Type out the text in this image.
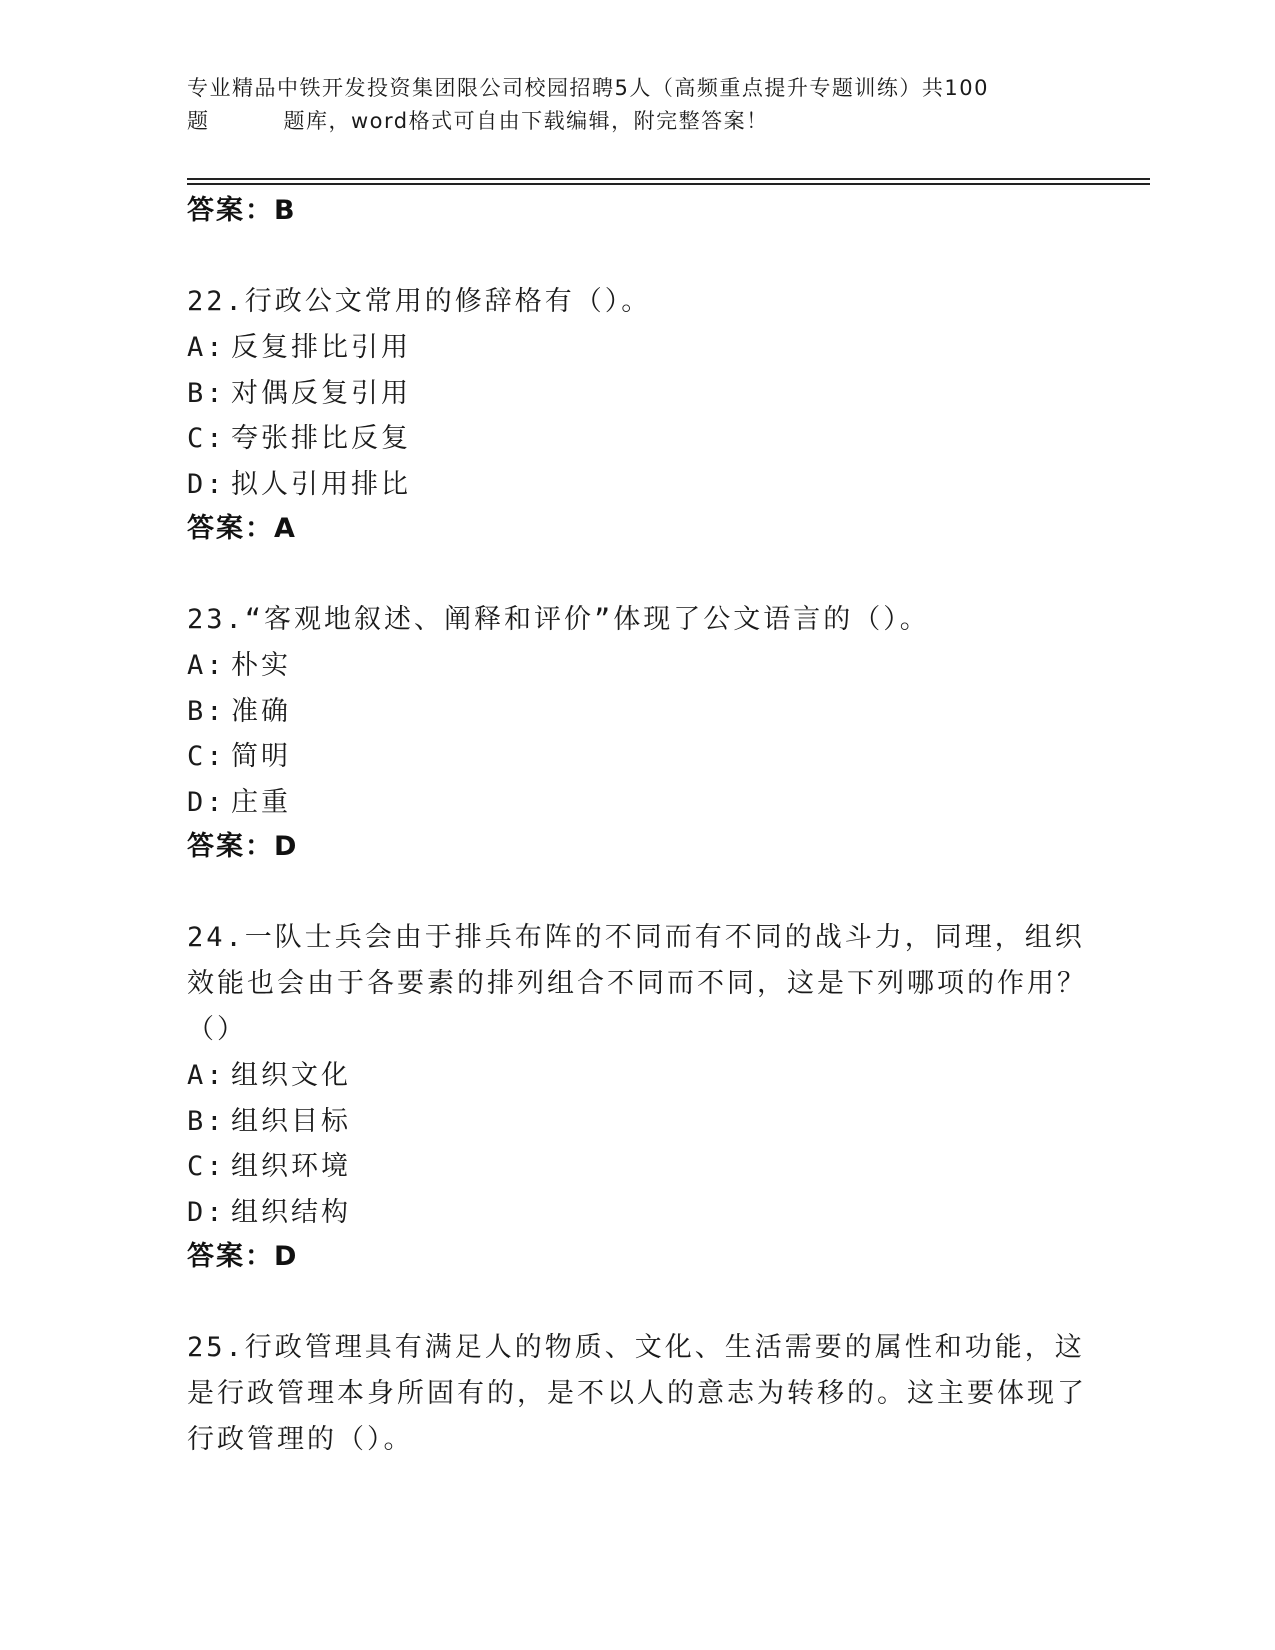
专业精品中铁开发投资集团限公司校园招聘5人（高频重点提升专题训练）共100
题	题库，word格式可自由下载编辑，附完整答案！
答案：B
22.行政公文常用的修辞格有（）。
A: 反复排比引用
B: 对偶反复引用
C: 夸张排比反复
D: 拟人引用排比
答案：A
23.“客观地叙述、阐释和评价”体现了公文语言的（）。
A: 朴实
B: 准确
C: 简明
D: 庄重
答案：D
24.一队士兵会由于排兵布阵的不同而有不同的战斗力，同理，组织效能也会由于各要素的排列组合不同而不同，这是下列哪项的作用？（）
A: 组织文化
B: 组织目标
C: 组织环境
D: 组织结构
答案：D
25.行政管理具有满足人的物质、文化、生活需要的属性和功能，这是行政管理本身所固有的，是不以人的意志为转移的。这主要体现了行政管理的（）。
